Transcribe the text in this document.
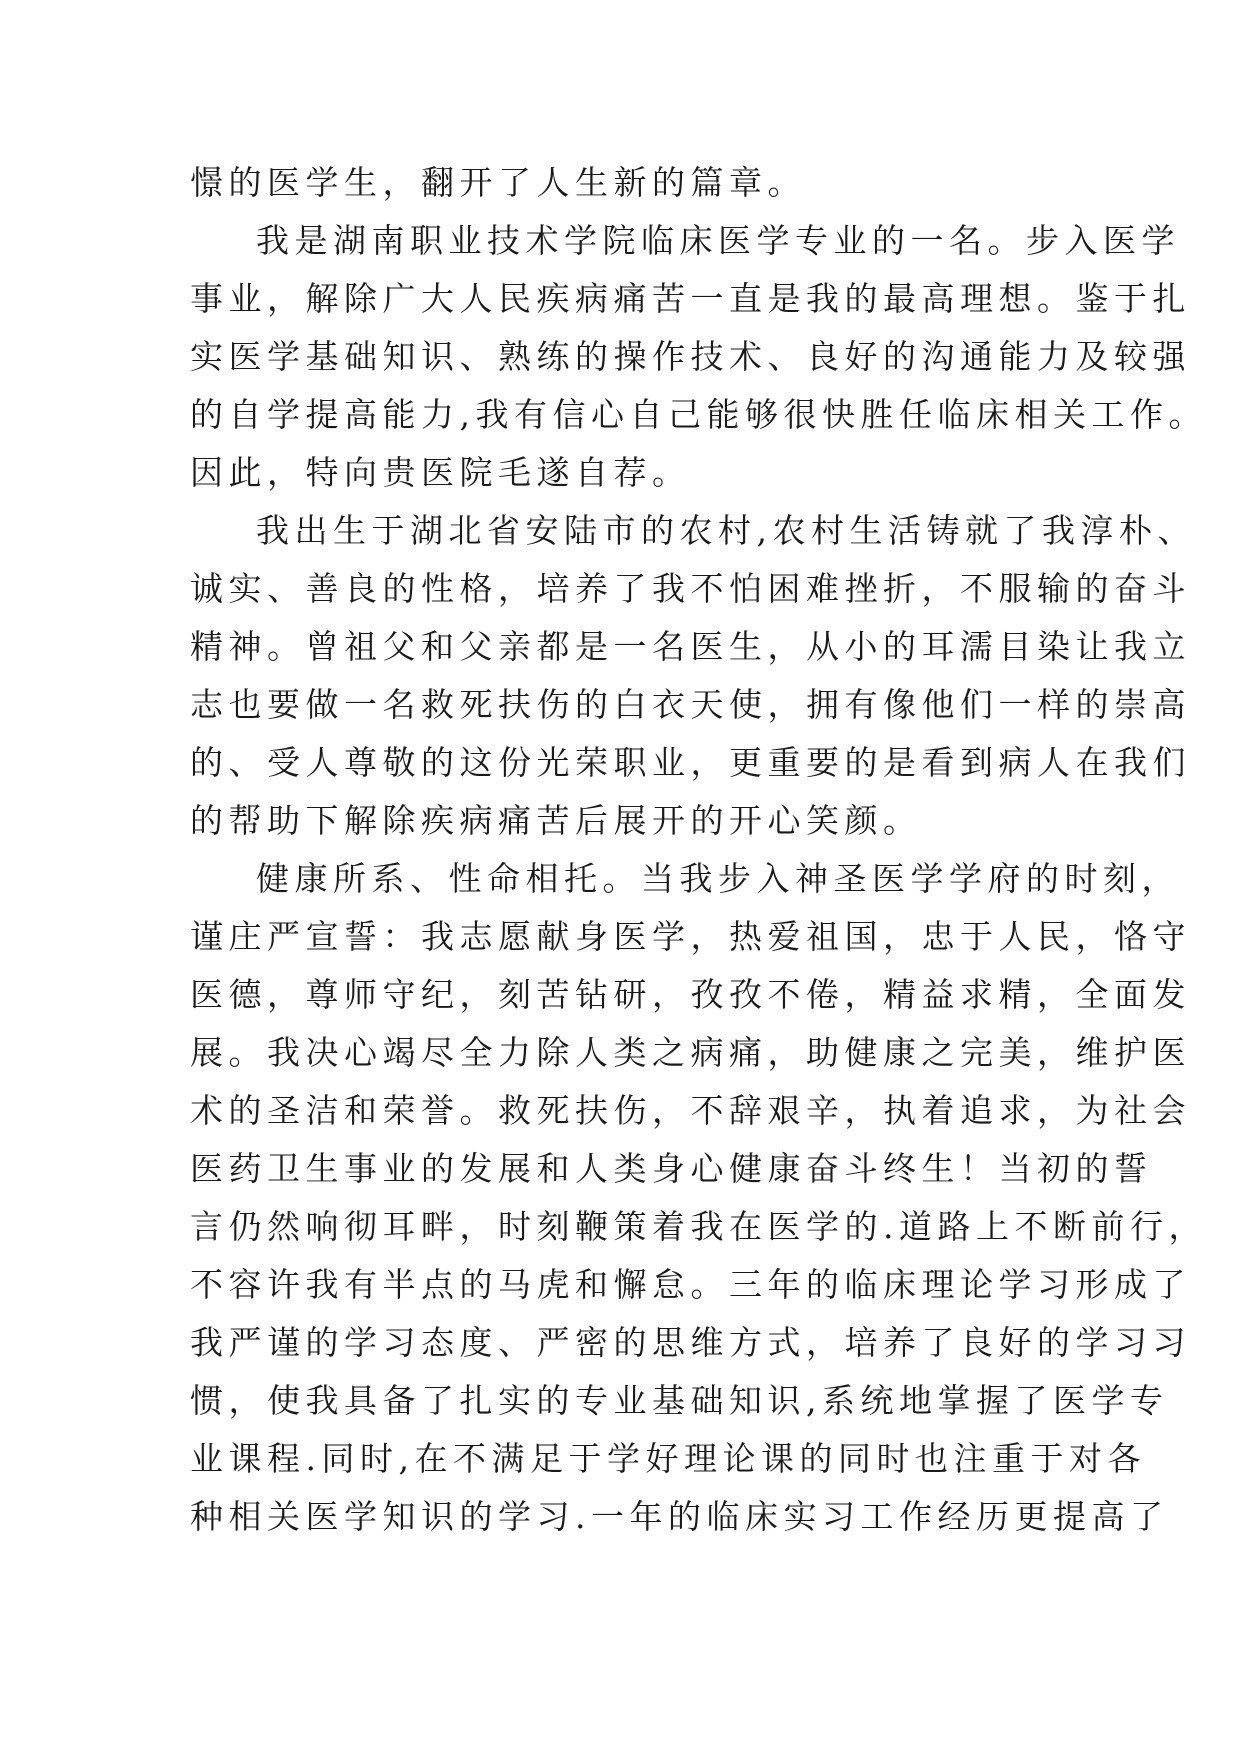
憬的医学生，翻开了人生新的篇章。
我是湖南职业技术学院临床医学专业的一名。步入医学
事业，解除广大人民疾病痛苦一直是我的最高理想。鉴于扎
实医学基础知识、熟练的操作技术、良好的沟通能力及较强
的自学提高能力,我有信心自己能够很快胜任临床相关工作。
因此，特向贵医院毛遂自荐。
我出生于湖北省安陆市的农村,农村生活铸就了我淳朴、
诚实、善良的性格，培养了我不怕困难挫折，不服输的奋斗
精神。曾祖父和父亲都是一名医生，从小的耳濡目染让我立
志也要做一名救死扶伤的白衣天使，拥有像他们一样的崇高
的、受人尊敬的这份光荣职业，更重要的是看到病人在我们
的帮助下解除疾病痛苦后展开的开心笑颜。
健康所系、性命相托。当我步入神圣医学学府的时刻，
谨庄严宣誓：我志愿献身医学，热爱祖国，忠于人民，恪守
医德，尊师守纪，刻苦钻研，孜孜不倦，精益求精，全面发
展。我决心竭尽全力除人类之病痛，助健康之完美，维护医
术的圣洁和荣誉。救死扶伤，不辞艰辛，执着追求，为社会
医药卫生事业的发展和人类身心健康奋斗终生！当初的誓
言仍然响彻耳畔，时刻鞭策着我在医学的.道路上不断前行，
不容许我有半点的马虎和懈怠。三年的临床理论学习形成了
我严谨的学习态度、严密的思维方式，培养了良好的学习习
惯，使我具备了扎实的专业基础知识,系统地掌握了医学专
业课程.同时,在不满足于学好理论课的同时也注重于对各
种相关医学知识的学习.一年的临床实习工作经历更提高了
